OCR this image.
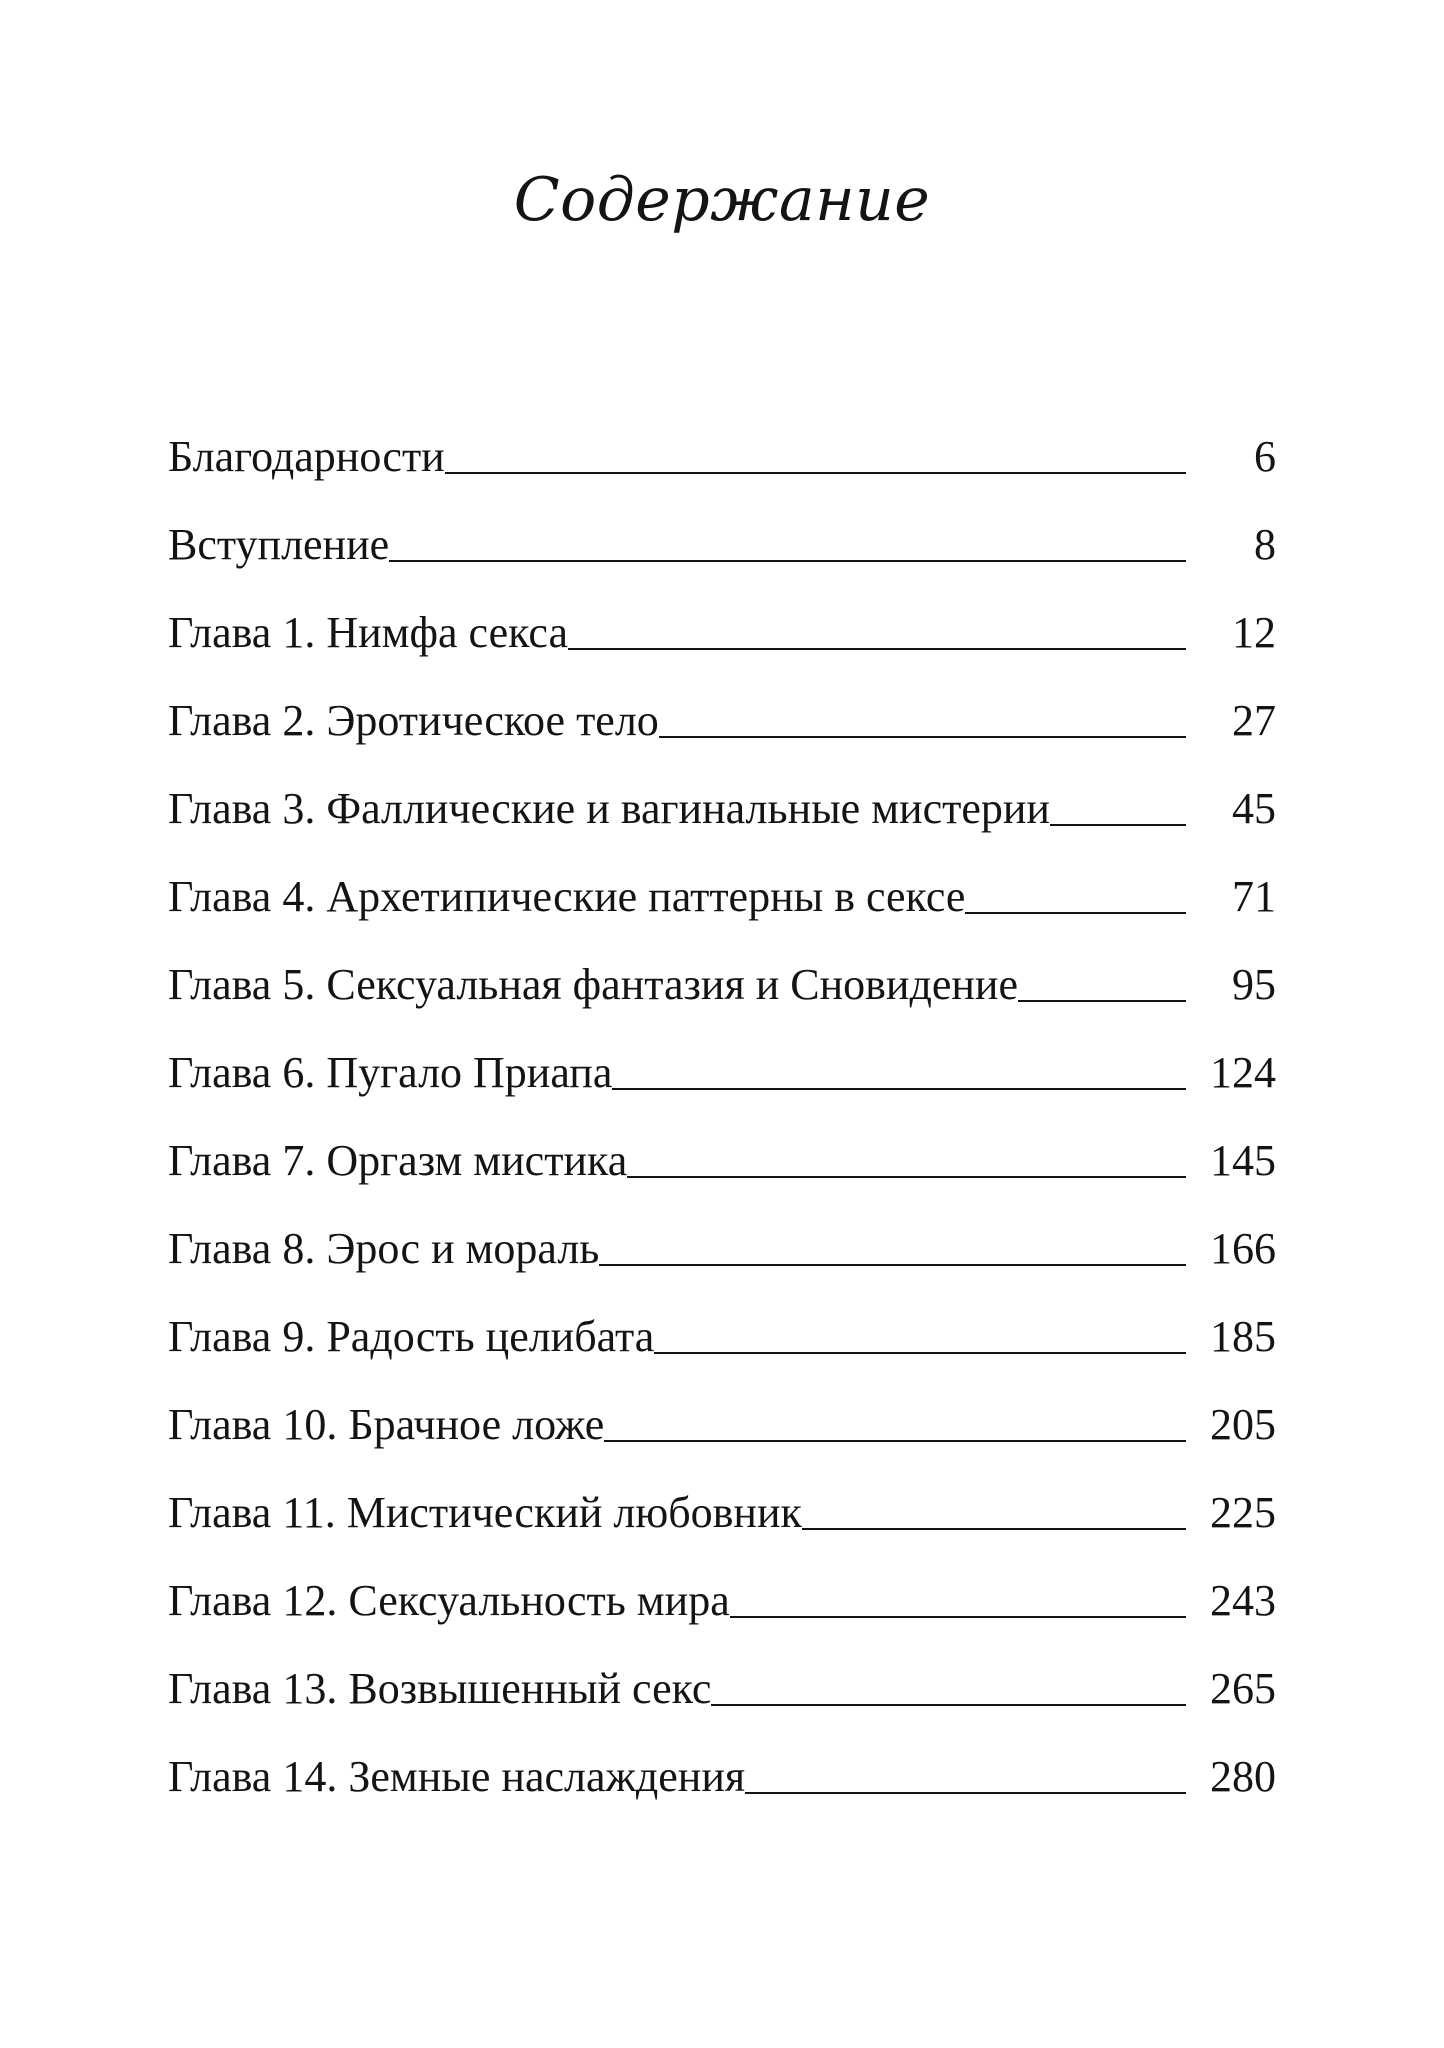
Содержание
Благодарности	6
Вступление	8
Глава 1. Нимфа секса	12
Глава 2. Эротическое тело	27
Глава 3. Фаллические и вагинальные мистерии	45
Глава 4. Архетипические паттерны в сексе	71
Глава 5. Сексуальная фантазия и Сновидение	95
Глава 6. Пугало Приапа	124
Глава 7. Оргазм мистика	145
Глава 8. Эрос и мораль	166
Глава 9. Радость целибата	185
Глава 10. Брачное ложе	205
Глава 11. Мистический любовник	225
Глава 12. Сексуальность мира	243
Глава 13. Возвышенный секс	265
Глава 14. Земные наслаждения	280
